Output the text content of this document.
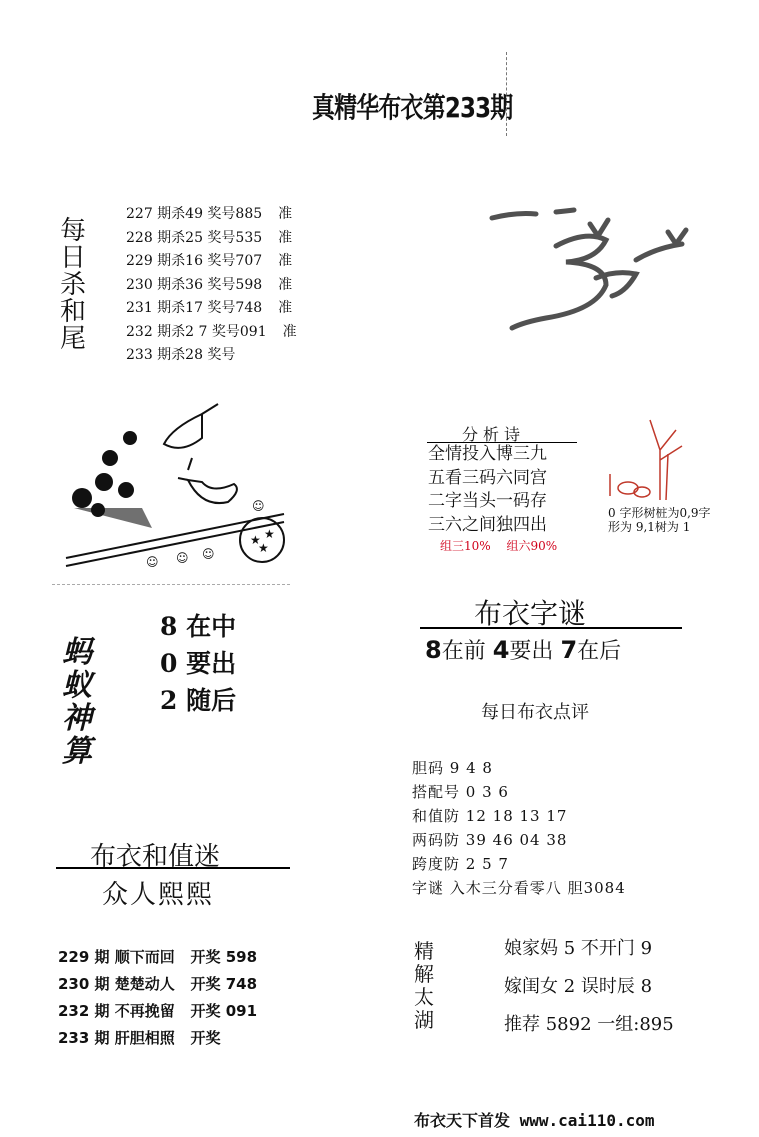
真精华布衣第233期
每日杀和尾
227 期杀49 奖号885 准
228 期杀25 奖号535 准
229 期杀16 奖号707 准
230 期杀36 奖号598 准
231 期杀17 奖号748 准
232 期杀2 7 奖号091 准
233 期杀28 奖号
☺ ☺ ☺
☺
★ ★
★
分析诗
全情投入博三九
五看三码六同宫
二字当头一码存
三六之间独四出
组三10% 组六90%
0 字形树桩为0,9字形为 9,1树为 1
蚂蚁神算
8 在中
0 要出
2 随后
布衣字谜
8在前 4要出 7在后
每日布衣点评
胆码 9 4 8
搭配号 0 3 6
和值防 12 18 13 17
两码防 39 46 04 38
跨度防 2 5 7
字谜 入木三分看零八 胆3084
布衣和值迷
众人熙熙
229 期 顺下而回 开奖 598
230 期 楚楚动人 开奖 748
232 期 不再挽留 开奖 091
233 期 肝胆相照 开奖
精解太湖
娘家妈 5 不开门 9
嫁闺女 2 误时辰 8
推荐 5892 一组:895
布衣天下首发 www.cai110.com
